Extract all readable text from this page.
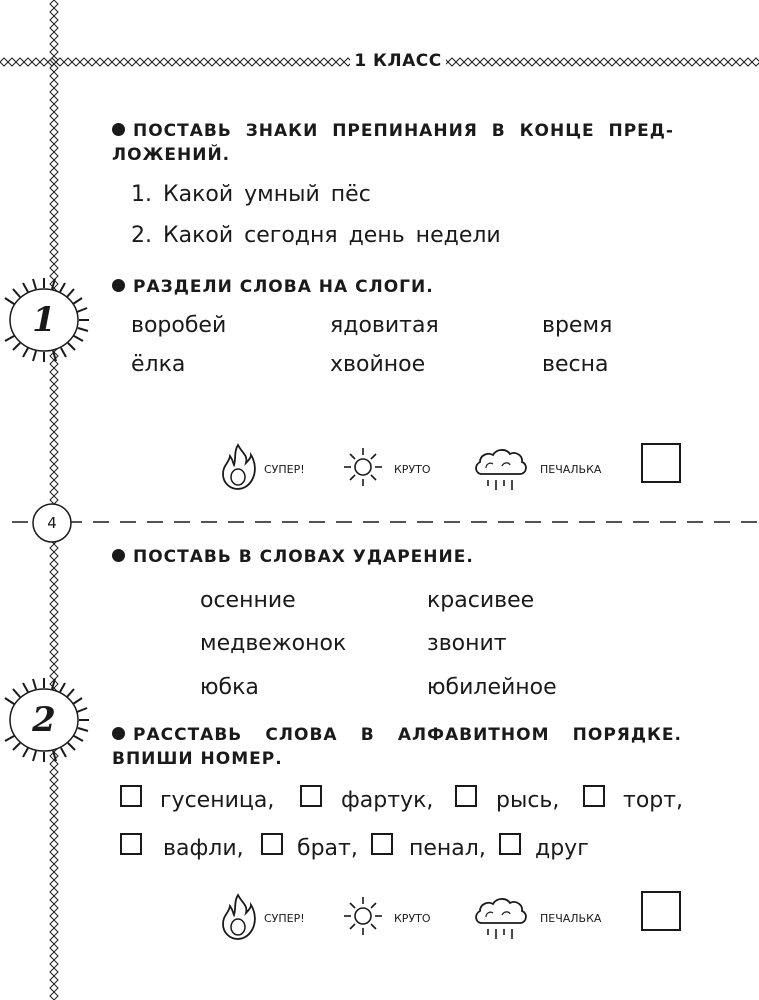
1 КЛАСС
1
2
4
ПОСТАВЬ ЗНАКИ ПРЕПИНАНИЯ В КОНЦЕ ПРЕД-
ЛОЖЕНИЙ.
1. Какой умный пёс
2. Какой сегодня день недели
РАЗДЕЛИ СЛОВА НА СЛОГИ.
воробей	ядовитая	время
ёлка	хвойное	весна
СУПЕР!	КРУТО	ПЕЧАЛЬКА
ПОСТАВЬ В СЛОВАХ УДАРЕНИЕ.
осенние	красивее
медвежонок	звонит
юбка	юбилейное
РАССТАВЬ СЛОВА В АЛФАВИТНОМ ПОРЯДКЕ.
ВПИШИ НОМЕР.
гусеница,	фартук,	рысь,	торт,
вафли, брат, пенал, друг
СУПЕР!	КРУТО	ПЕЧАЛЬКА
